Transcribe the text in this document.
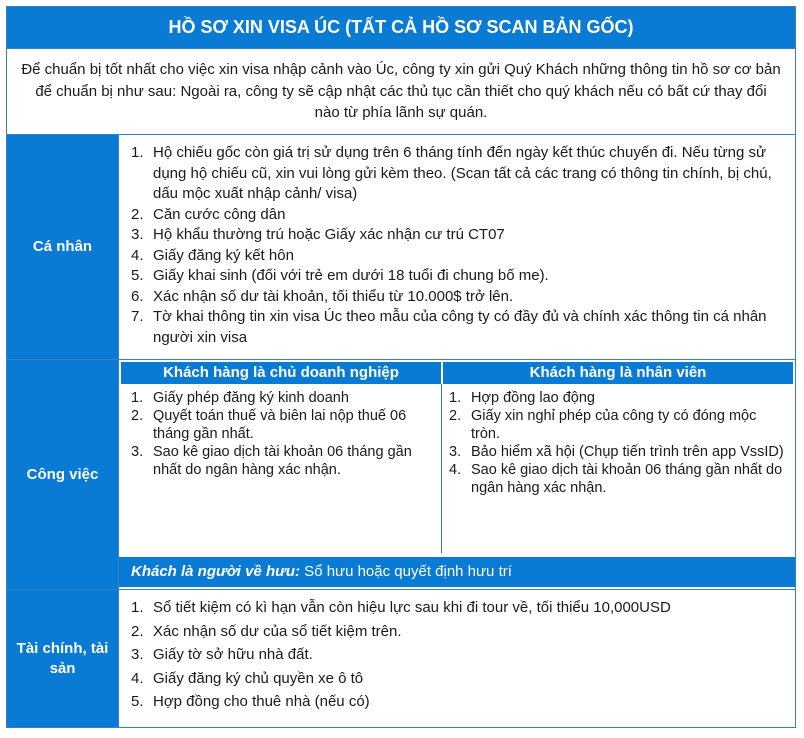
HỒ SƠ XIN VISA ÚC (TẤT CẢ HỒ SƠ SCAN BẢN GỐC)
Để chuẩn bị tốt nhất cho việc xin visa nhập cảnh vào Úc, công ty xin gửi Quý Khách những thông tin hồ sơ cơ bản để chuẩn bị như sau: Ngoài ra, công ty sẽ cập nhật các thủ tục cần thiết cho quý khách nếu có bất cứ thay đổi nào từ phía lãnh sự quán.
Cá nhân
1. Hộ chiếu gốc còn giá trị sử dụng trên 6 tháng tính đến ngày kết thúc chuyến đi. Nếu từng sử dụng hộ chiếu cũ, xin vui lòng gửi kèm theo. (Scan tất cả các trang có thông tin chính, bị chú, dấu mộc xuất nhập cảnh/ visa)
2. Căn cước công dân
3. Hộ khẩu thường trú hoặc Giấy xác nhận cư trú CT07
4. Giấy đăng ký kết hôn
5. Giấy khai sinh (đối với trẻ em dưới 18 tuổi đi chung bố me).
6. Xác nhận số dư tài khoản, tối thiểu từ 10.000$ trở lên.
7. Tờ khai thông tin xin visa Úc theo mẫu của công ty có đầy đủ và chính xác thông tin cá nhân người xin visa
Công việc
Khách hàng là chủ doanh nghiệp	Khách hàng là nhân viên
1. Giấy phép đăng ký kinh doanh
2. Quyết toán thuế và biên lai nộp thuế 06 tháng gần nhất.
3. Sao kê giao dịch tài khoản 06 tháng gần nhất do ngân hàng xác nhận.
1. Hợp đồng lao động
2. Giấy xin nghỉ phép của công ty có đóng mộc tròn.
3. Bảo hiểm xã hội (Chụp tiến trình trên app VssID)
4. Sao kê giao dịch tài khoản 06 tháng gần nhất do ngân hàng xác nhận.
Khách là người về hưu: Sổ hưu hoặc quyết định hưu trí
Tài chính, tài sản
1. Sổ tiết kiệm có kì hạn vẫn còn hiệu lực sau khi đi tour về, tối thiểu 10,000USD
2. Xác nhận số dư của sổ tiết kiệm trên.
3. Giấy tờ sở hữu nhà đất.
4. Giấy đăng ký chủ quyền xe ô tô
5. Hợp đồng cho thuê nhà (nếu có)
